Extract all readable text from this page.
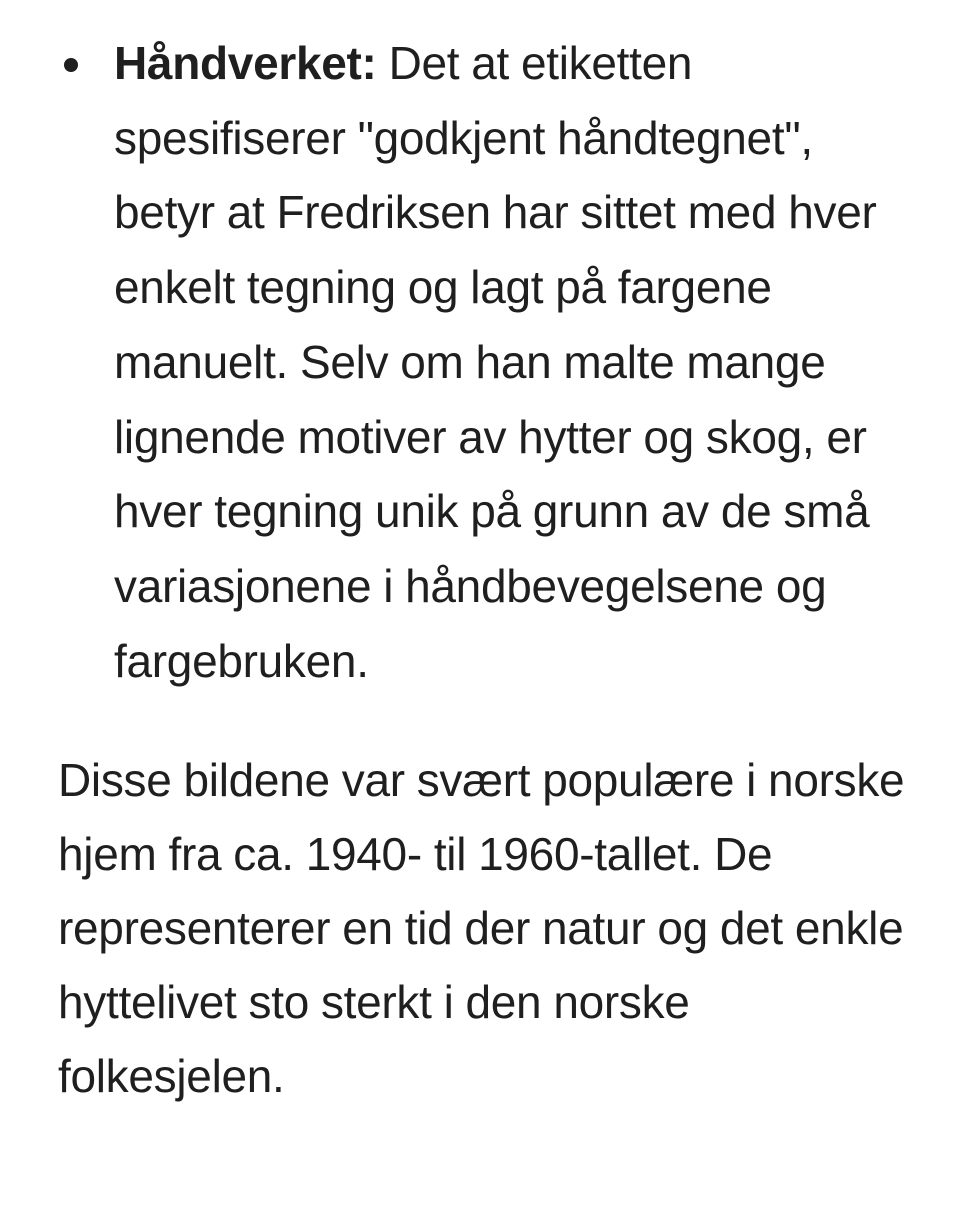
Håndverket: Det at etiketten spesifiserer "godkjent håndtegnet", betyr at Fredriksen har sittet med hver enkelt tegning og lagt på fargene manuelt. Selv om han malte mange lignende motiver av hytter og skog, er hver tegning unik på grunn av de små variasjonene i håndbevegelsene og fargebruken.

Disse bildene var svært populære i norske hjem fra ca. 1940- til 1960-tallet. De representerer en tid der natur og det enkle hyttelivet sto sterkt i den norske folkesjelen.
